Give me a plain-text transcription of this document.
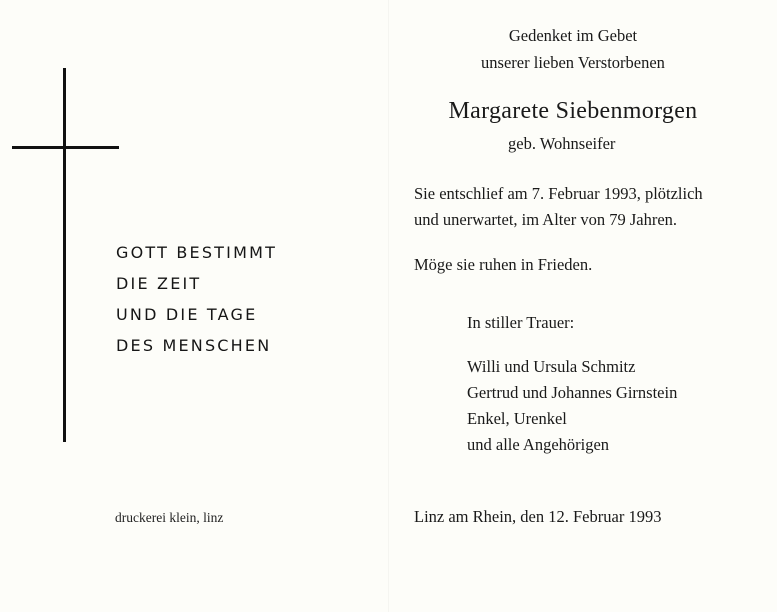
GOTT BESTIMMT
DIE ZEIT
UND DIE TAGE
DES MENSCHEN
druckerei klein, linz
Gedenket im Gebet
unserer lieben Verstorbenen
Margarete Siebenmorgen
geb. Wohnseifer
Sie entschlief am 7. Februar 1993, plötzlich
und unerwartet, im Alter von 79 Jahren.
Möge sie ruhen in Frieden.
In stiller Trauer:
Willi und Ursula Schmitz
Gertrud und Johannes Girnstein
Enkel, Urenkel
und alle Angehörigen
Linz am Rhein, den 12. Februar 1993
